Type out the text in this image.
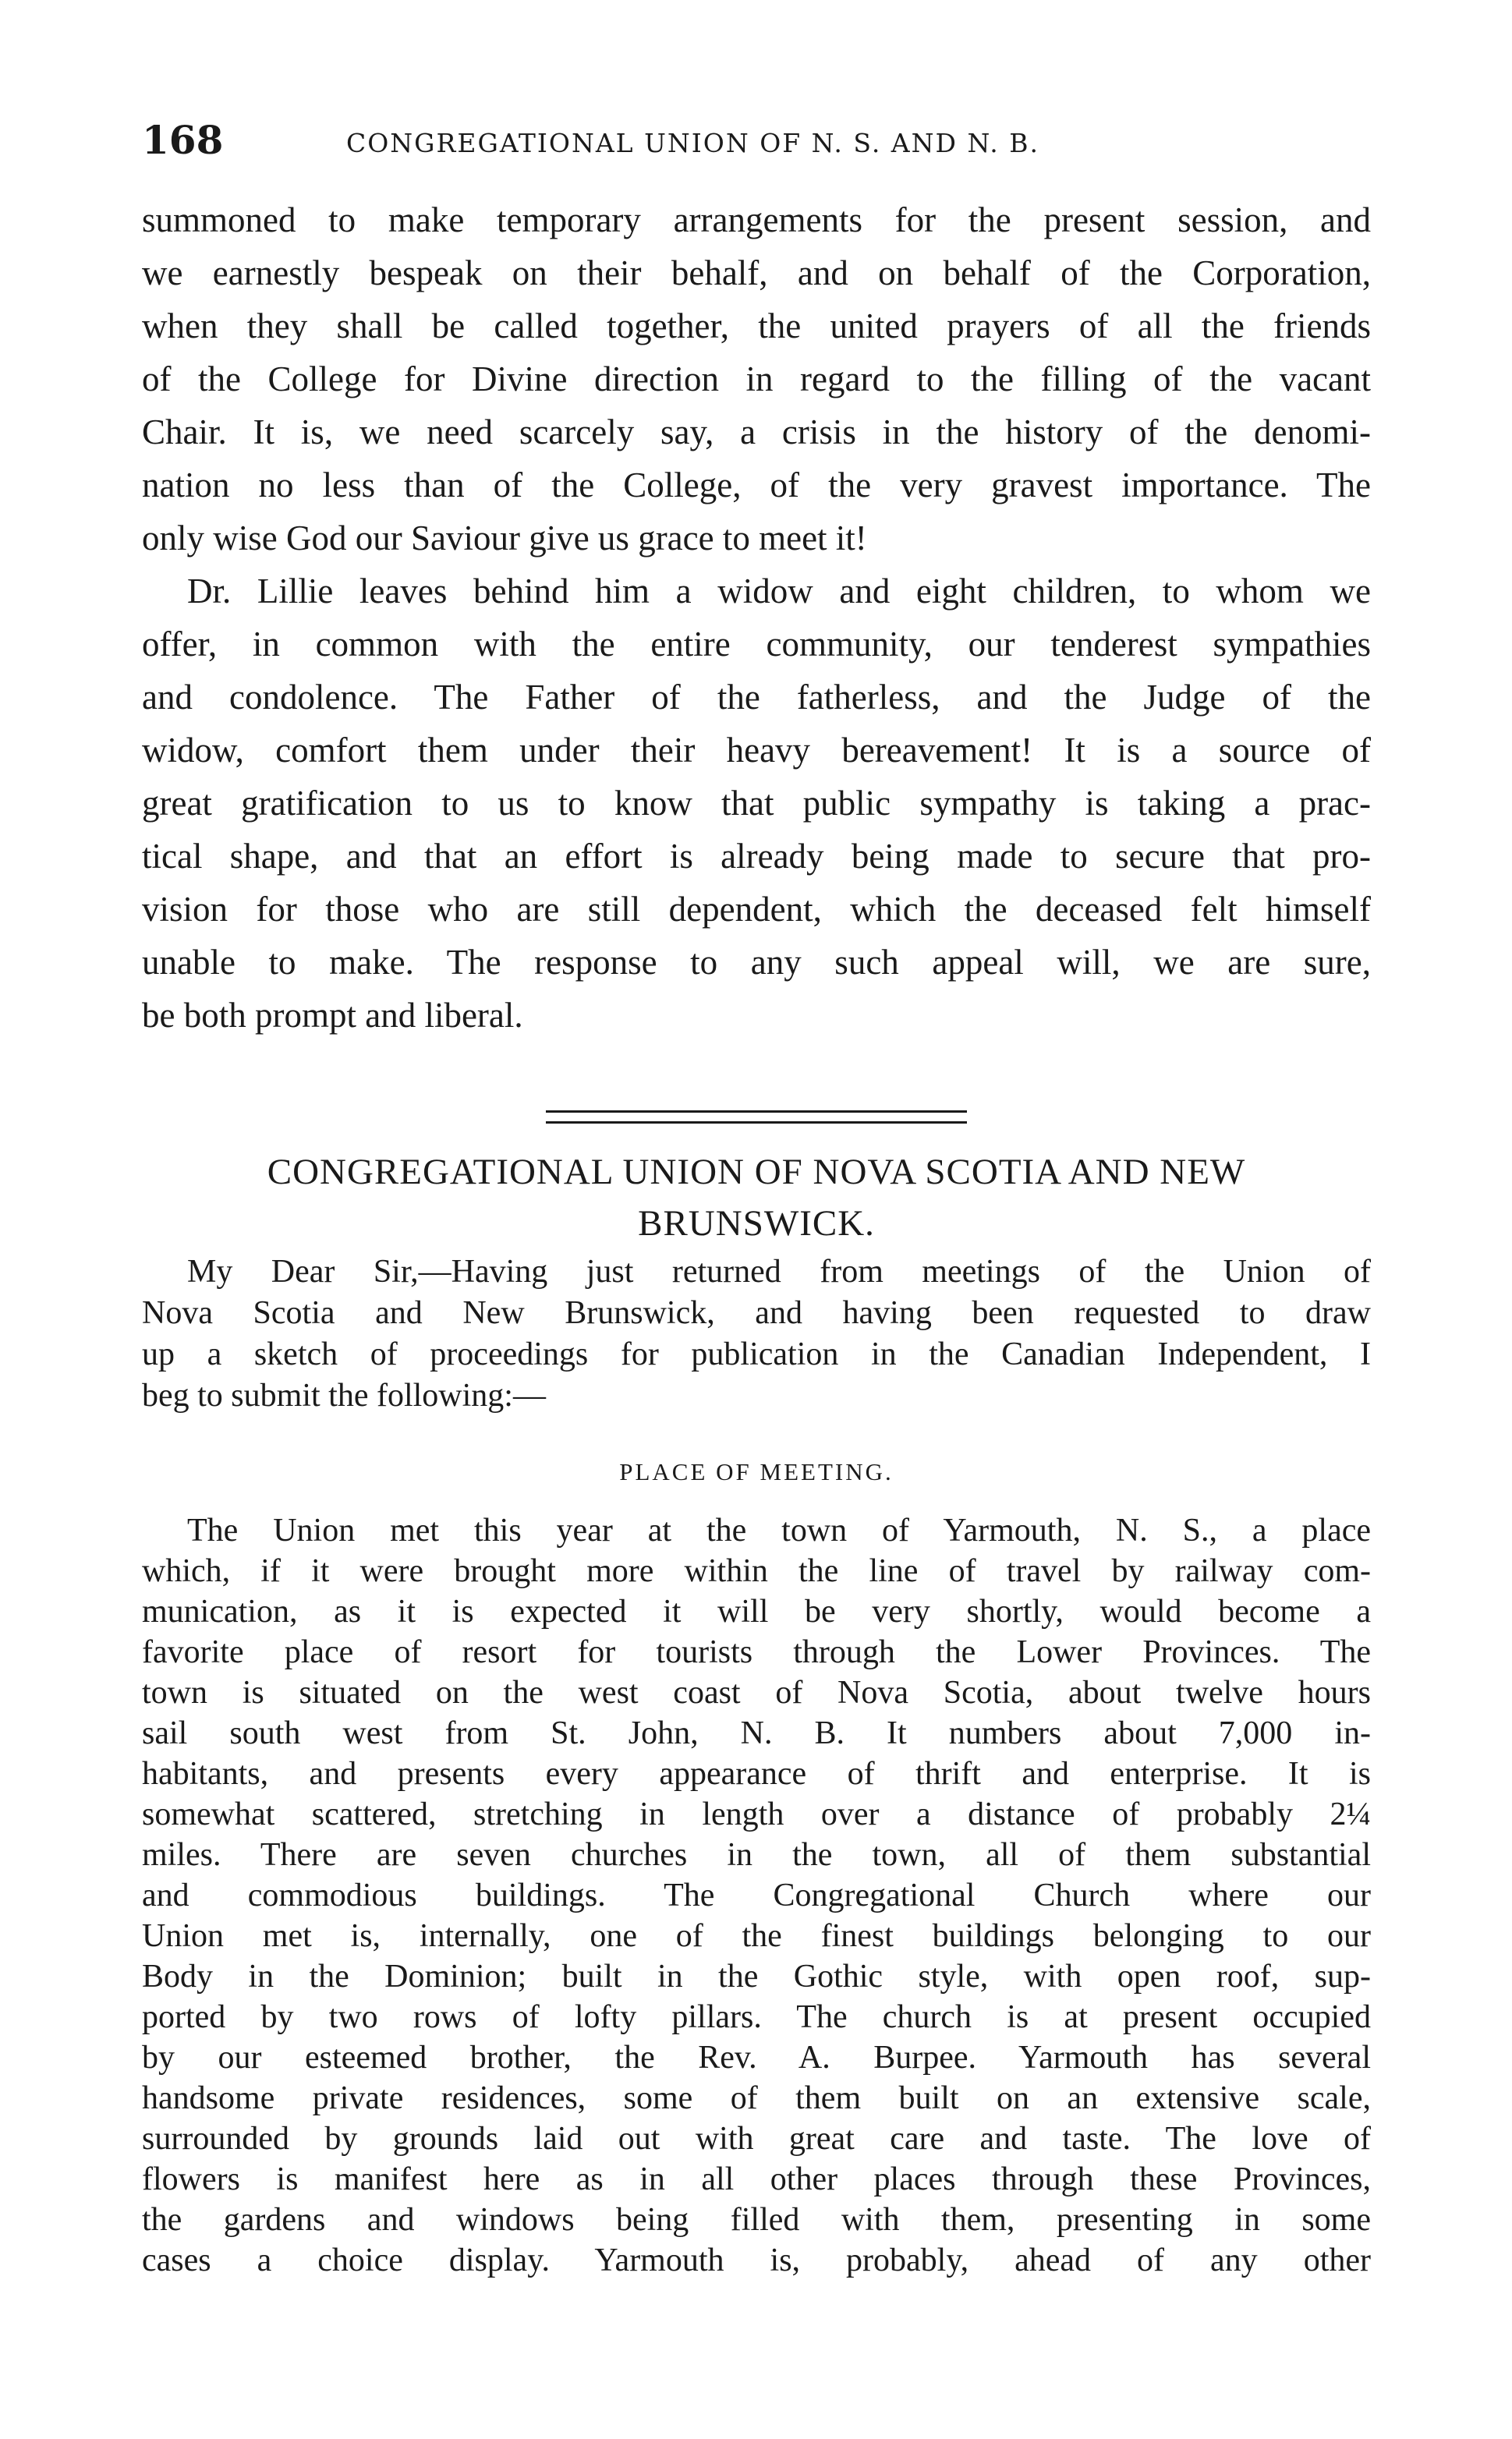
168	CONGREGATIONAL UNION OF N. S. AND N. B.
summoned to make temporary arrangements for the present session, and
we earnestly bespeak on their behalf, and on behalf of the Corporation,
when they shall be called together, the united prayers of all the friends
of the College for Divine direction in regard to the filling of the vacant
Chair. It is, we need scarcely say, a crisis in the history of the denomi-
nation no less than of the College, of the very gravest importance. The
only wise God our Saviour give us grace to meet it!
Dr. Lillie leaves behind him a widow and eight children, to whom we
offer, in common with the entire community, our tenderest sympathies
and condolence. The Father of the fatherless, and the Judge of the
widow, comfort them under their heavy bereavement! It is a source of
great gratification to us to know that public sympathy is taking a prac-
tical shape, and that an effort is already being made to secure that pro-
vision for those who are still dependent, which the deceased felt himself
unable to make. The response to any such appeal will, we are sure,
be both prompt and liberal.
CONGREGATIONAL UNION OF NOVA SCOTIA AND NEW
BRUNSWICK.
My Dear Sir,—Having just returned from meetings of the Union of
Nova Scotia and New Brunswick, and having been requested to draw
up a sketch of proceedings for publication in the Canadian Independent, I
beg to submit the following:—
PLACE OF MEETING.
The Union met this year at the town of Yarmouth, N. S., a place
which, if it were brought more within the line of travel by railway com-
munication, as it is expected it will be very shortly, would become a
favorite place of resort for tourists through the Lower Provinces. The
town is situated on the west coast of Nova Scotia, about twelve hours
sail south west from St. John, N. B. It numbers about 7,000 in-
habitants, and presents every appearance of thrift and enterprise. It is
somewhat scattered, stretching in length over a distance of probably 2¼
miles. There are seven churches in the town, all of them substantial
and commodious buildings. The Congregational Church where our
Union met is, internally, one of the finest buildings belonging to our
Body in the Dominion; built in the Gothic style, with open roof, sup-
ported by two rows of lofty pillars. The church is at present occupied
by our esteemed brother, the Rev. A. Burpee. Yarmouth has several
handsome private residences, some of them built on an extensive scale,
surrounded by grounds laid out with great care and taste. The love of
flowers is manifest here as in all other places through these Provinces,
the gardens and windows being filled with them, presenting in some
cases a choice display. Yarmouth is, probably, ahead of any other
